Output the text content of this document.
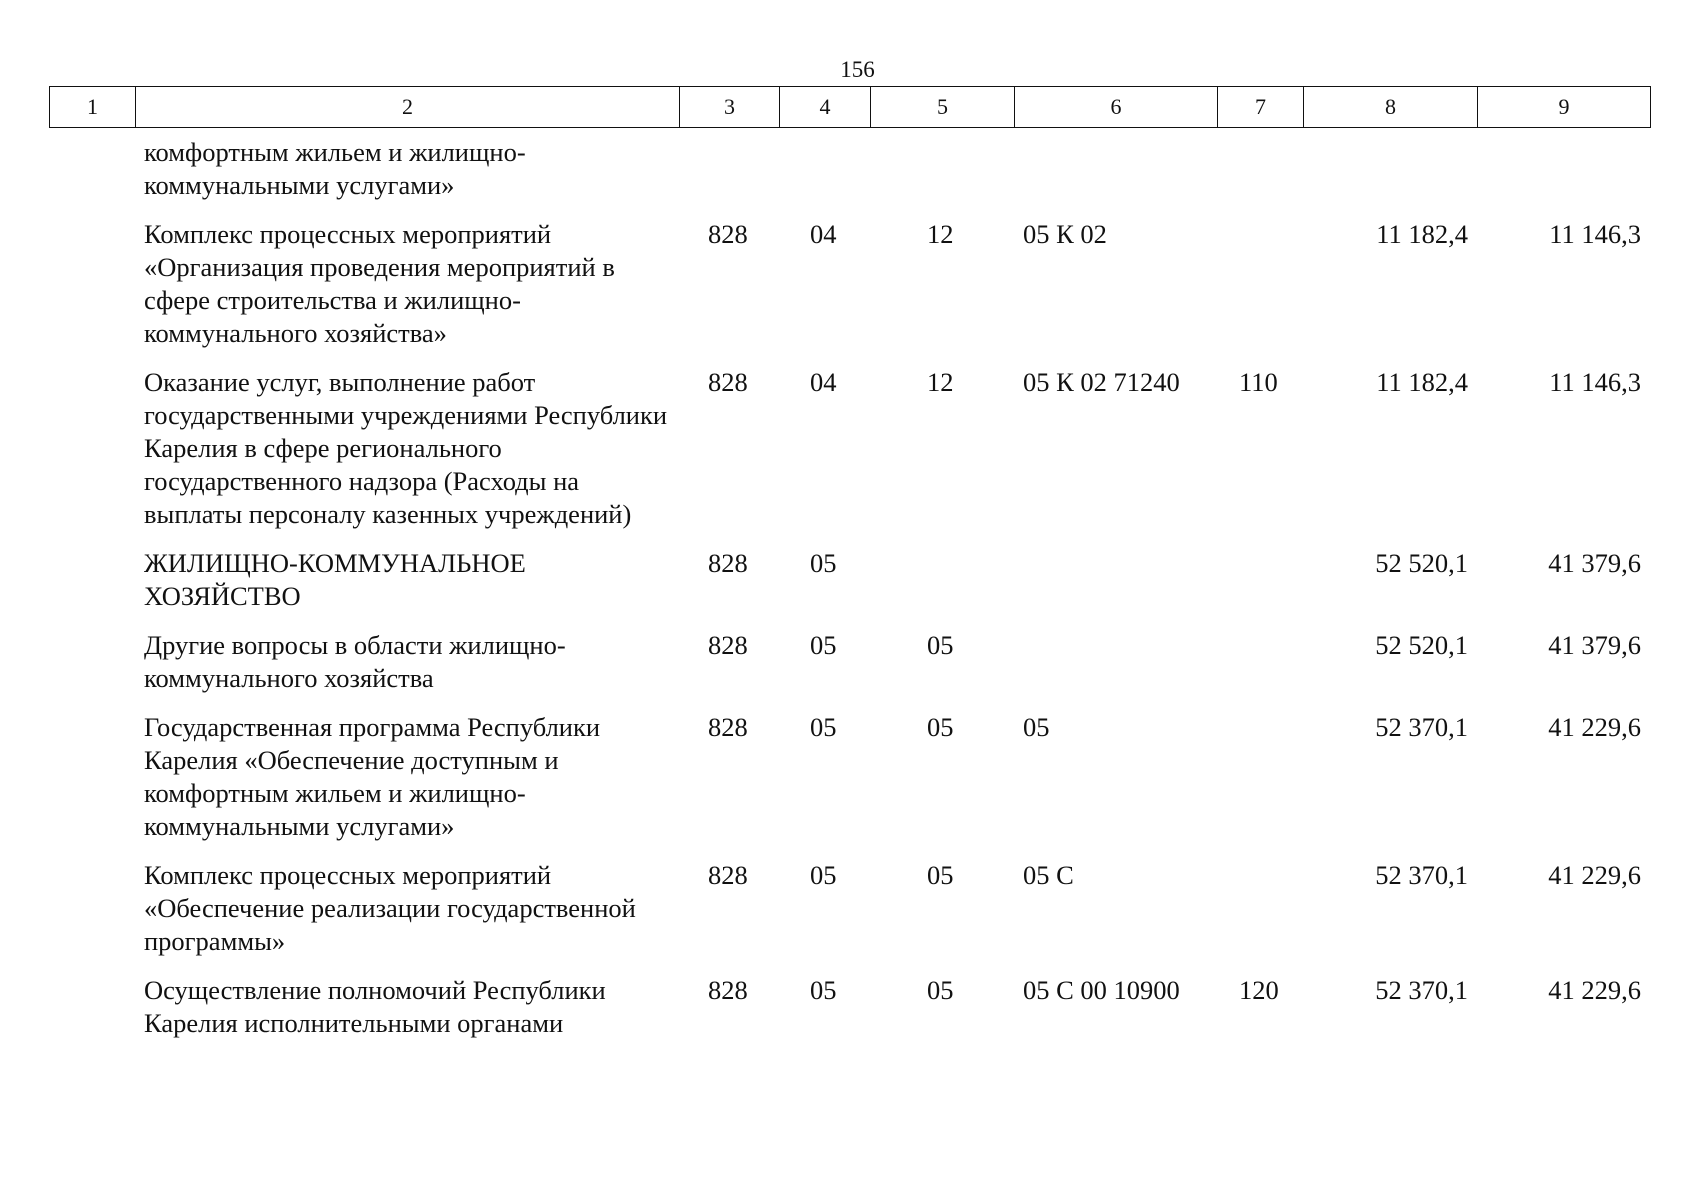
156
1	2	3	4	5	6	7	8	9
комфортным жильем и жилищно-коммунальными услугами»							
Комплекс процессных мероприятий «Организация проведения мероприятий в сфере строительства и жилищно-коммунального хозяйства»	828	04	12	05 К 02		11 182,4	11 146,3
Оказание услуг, выполнение работ государственными учреждениями Республики Карелия в сфере регионального государственного надзора (Расходы на выплаты персоналу казенных учреждений)	828	04	12	05 К 02 71240	110	11 182,4	11 146,3
ЖИЛИЩНО-КОММУНАЛЬНОЕ ХОЗЯЙСТВО	828	05				52 520,1	41 379,6
Другие вопросы в области жилищно-коммунального хозяйства	828	05	05			52 520,1	41 379,6
Государственная программа Республики Карелия «Обеспечение доступным и комфортным жильем и жилищно-коммунальными услугами»	828	05	05	05		52 370,1	41 229,6
Комплекс процессных мероприятий «Обеспечение реализации государственной программы»	828	05	05	05 С		52 370,1	41 229,6
Осуществление полномочий Республики Карелия исполнительными органами	828	05	05	05 С 00 10900	120	52 370,1	41 229,6
